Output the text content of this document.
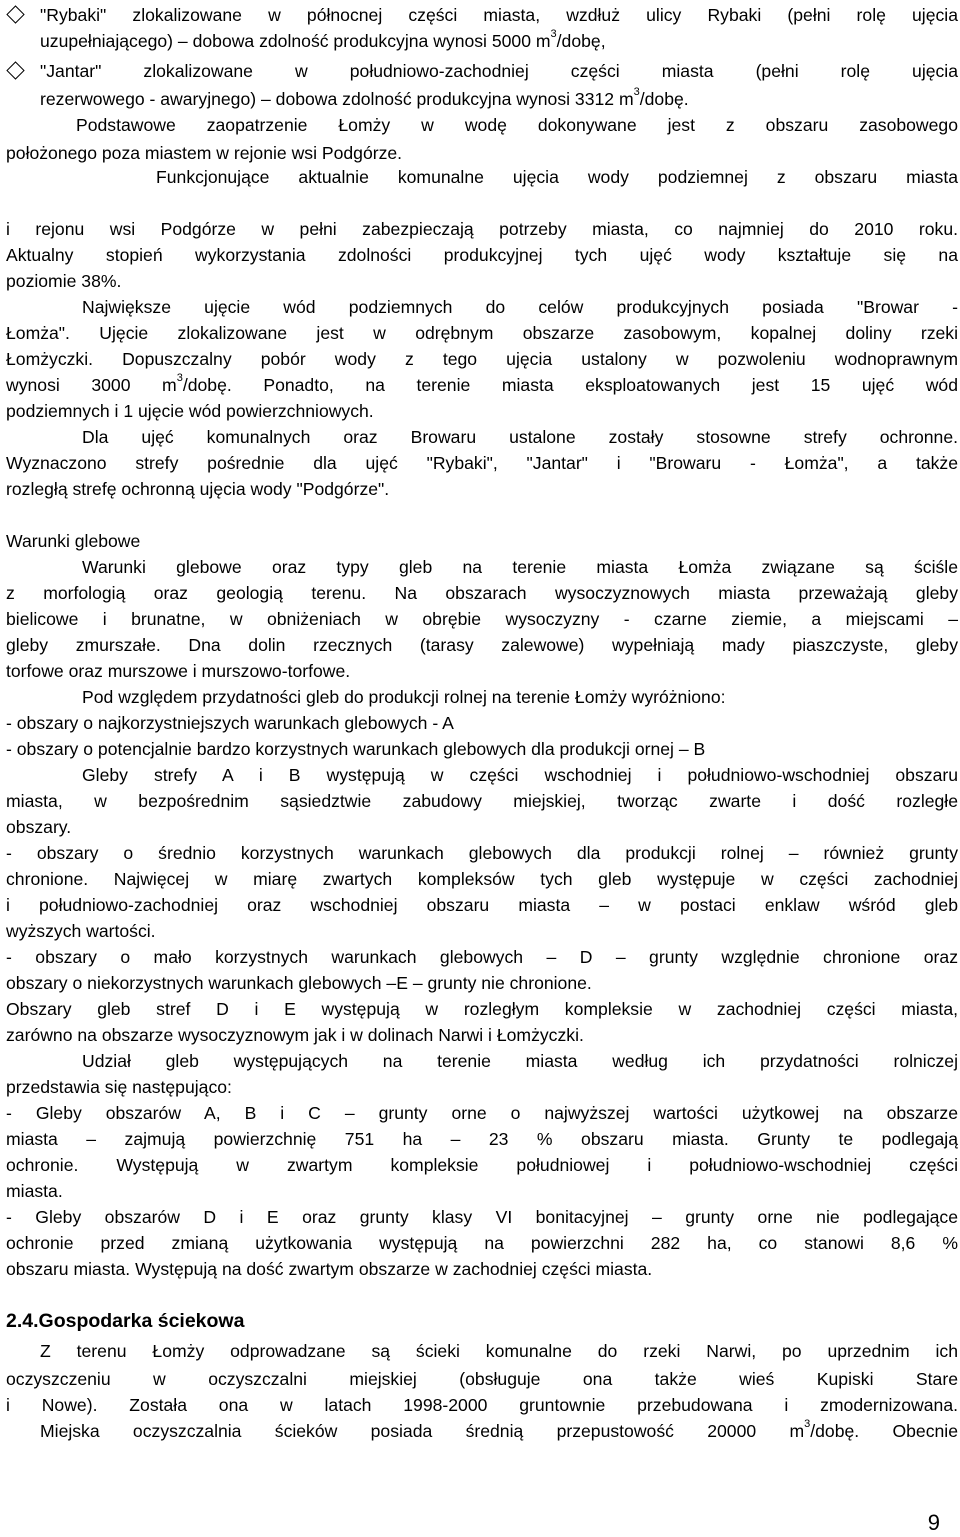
"Rybaki" zlokalizowane w północnej części miasta, wzdłuż ulicy Rybaki (pełni rolę ujęcia
uzupełniającego) – dobowa zdolność produkcyjna wynosi 5000 $m^3$/dobę,
"Jantar" zlokalizowane w południowo-zachodniej części miasta (pełni rolę ujęcia
rezerwowego - awaryjnego) – dobowa zdolność produkcyjna wynosi 3312 $m^3$/dobę.
Podstawowe zaopatrzenie Łomży w wodę dokonywane jest z obszaru zasobowego
położonego poza miastem w rejonie wsi Podgórze.
Funkcjonujące aktualnie komunalne ujęcia wody podziemnej z obszaru miasta
i rejonu wsi Podgórze w pełni zabezpieczają potrzeby miasta, co najmniej do 2010 roku.
Aktualny stopień wykorzystania zdolności produkcyjnej tych ujęć wody kształtuje się na
poziomie 38%.
Największe ujęcie wód podziemnych do celów produkcyjnych posiada "Browar -
Łomża". Ujęcie zlokalizowane jest w odrębnym obszarze zasobowym, kopalnej doliny rzeki
Łomżyczki. Dopuszczalny pobór wody z tego ujęcia ustalony w pozwoleniu wodnoprawnym
wynosi 3000 $m^3$/dobę. Ponadto, na terenie miasta eksploatowanych jest 15 ujęć wód
podziemnych i 1 ujęcie wód powierzchniowych.
Dla ujęć komunalnych oraz Browaru ustalone zostały stosowne strefy ochronne.
Wyznaczono strefy pośrednie dla ujęć "Rybaki", "Jantar" i "Browaru - Łomża", a także
rozległą strefę ochronną ujęcia wody "Podgórze".
Warunki glebowe
Warunki glebowe oraz typy gleb na terenie miasta Łomża związane są ściśle
z morfologią oraz geologią terenu. Na obszarach wysoczyznowych miasta przeważają gleby
bielicowe i brunatne, w obniżeniach w obrębie wysoczyzny - czarne ziemie, a miejscami –
gleby zmurszałe. Dna dolin rzecznych (tarasy zalewowe) wypełniają mady piaszczyste, gleby
torfowe oraz murszowe i murszowo-torfowe.
Pod względem przydatności gleb do produkcji rolnej na terenie Łomży wyróżniono:
- obszary o najkorzystniejszych warunkach glebowych - A
- obszary o potencjalnie bardzo korzystnych warunkach glebowych dla produkcji ornej – B
Gleby strefy A i B występują w części wschodniej i południowo-wschodniej obszaru
miasta, w bezpośrednim sąsiedztwie zabudowy miejskiej, tworząc zwarte i dość rozległe
obszary.
- obszary o średnio korzystnych warunkach glebowych dla produkcji rolnej – również grunty
chronione. Najwięcej w miarę zwartych kompleksów tych gleb występuje w części zachodniej
i południowo-zachodniej oraz wschodniej obszaru miasta – w postaci enklaw wśród gleb
wyższych wartości.
- obszary o mało korzystnych warunkach glebowych – D – grunty względnie chronione oraz
obszary o niekorzystnych warunkach glebowych –E – grunty nie chronione.
Obszary gleb stref D i E występują w rozległym kompleksie w zachodniej części miasta,
zarówno na obszarze wysoczyznowym jak i w dolinach Narwi i Łomżyczki.
Udział gleb występujących na terenie miasta według ich przydatności rolniczej
przedstawia się następująco:
- Gleby obszarów A, B i C – grunty orne o najwyższej wartości użytkowej na obszarze
miasta – zajmują powierzchnię 751 ha – 23 % obszaru miasta. Grunty te podlegają
ochronie. Występują w zwartym kompleksie południowej i południowo-wschodniej części
miasta.
- Gleby obszarów D i E oraz grunty klasy VI bonitacyjnej – grunty orne nie podlegające
ochronie przed zmianą użytkowania występują na powierzchni 282 ha, co stanowi 8,6 %
obszaru miasta. Występują na dość zwartym obszarze w zachodniej części miasta.
2.4.Gospodarka ściekowa
Z terenu Łomży odprowadzane są ścieki komunalne do rzeki Narwi, po uprzednim ich
oczyszczeniu w oczyszczalni miejskiej (obsługuje ona także wieś Kupiski Stare
i Nowe). Została ona w latach 1998-2000 gruntownie przebudowana i zmodernizowana.
Miejska oczyszczalnia ścieków posiada średnią przepustowość 20000 $m^3$/dobę. Obecnie
9
